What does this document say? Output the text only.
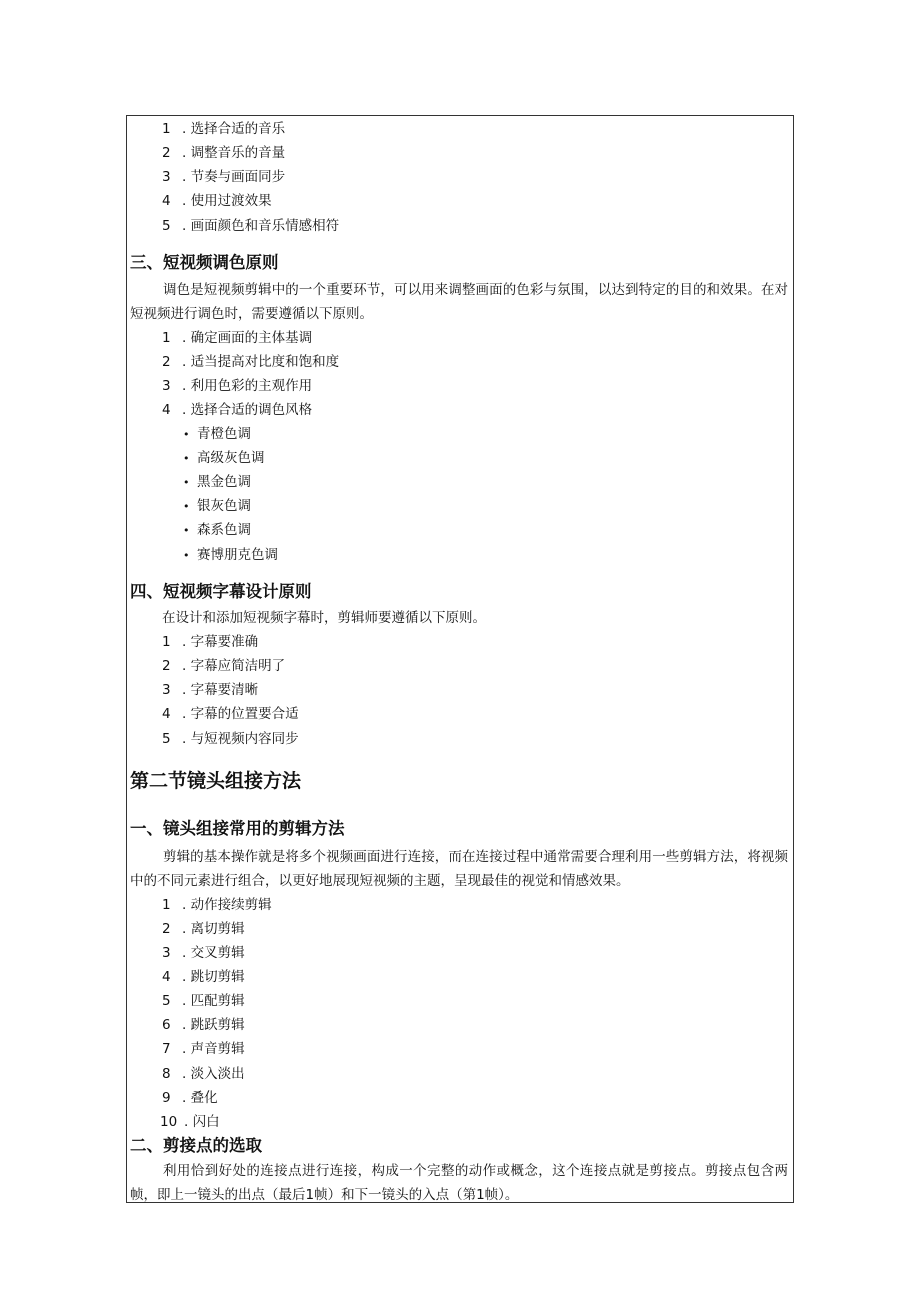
1 . 选择合适的音乐
2 . 调整音乐的音量
3 . 节奏与画面同步
4 . 使用过渡效果
5 . 画面颜色和音乐情感相符
三、短视频调色原则
调色是短视频剪辑中的一个重要环节，可以用来调整画面的色彩与氛围，以达到特定的目的和效果。在对短视频进行调色时，需要遵循以下原则。
1 . 确定画面的主体基调
2 . 适当提高对比度和饱和度
3 . 利用色彩的主观作用
4 . 选择合适的调色风格
• 青橙色调
• 高级灰色调
• 黑金色调
• 银灰色调
• 森系色调
• 赛博朋克色调
四、短视频字幕设计原则
在设计和添加短视频字幕时，剪辑师要遵循以下原则。
1 . 字幕要准确
2 . 字幕应简洁明了
3 . 字幕要清晰
4 . 字幕的位置要合适
5 . 与短视频内容同步
第二节镜头组接方法
一、镜头组接常用的剪辑方法
剪辑的基本操作就是将多个视频画面进行连接，而在连接过程中通常需要合理利用一些剪辑方法，将视频中的不同元素进行组合，以更好地展现短视频的主题，呈现最佳的视觉和情感效果。
1 . 动作接续剪辑
2 . 离切剪辑
3 . 交叉剪辑
4 . 跳切剪辑
5 . 匹配剪辑
6 . 跳跃剪辑
7 . 声音剪辑
8 . 淡入淡出
9 . 叠化
10 . 闪白
二、剪接点的选取
利用恰到好处的连接点进行连接，构成一个完整的动作或概念，这个连接点就是剪接点。剪接点包含两帧，即上一镜头的出点（最后1帧）和下一镜头的入点（第1帧）。
